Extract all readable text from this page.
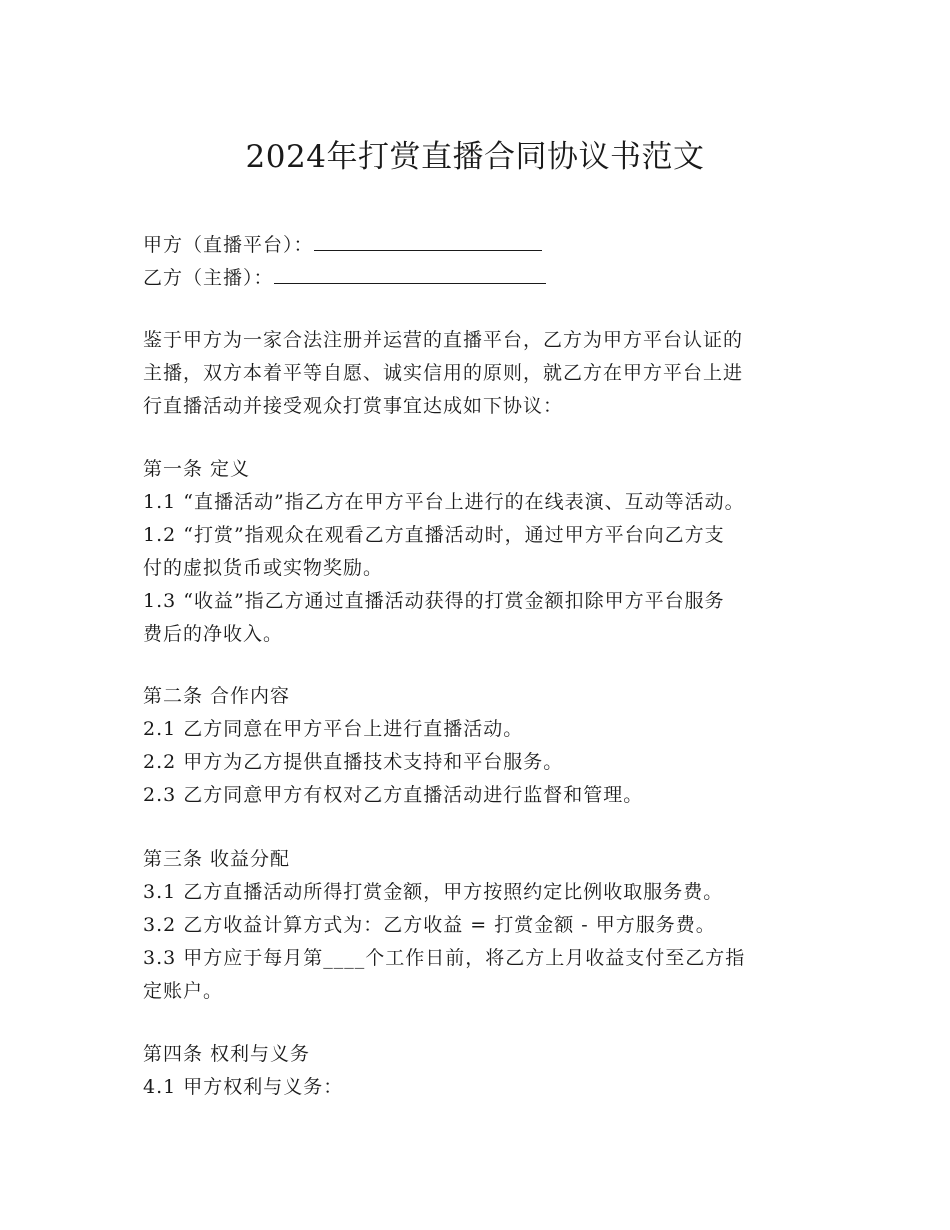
2024年打赏直播合同协议书范文
甲方（直播平台）：
乙方（主播）：
鉴于甲方为一家合法注册并运营的直播平台，乙方为甲方平台认证的
主播，双方本着平等自愿、诚实信用的原则，就乙方在甲方平台上进
行直播活动并接受观众打赏事宜达成如下协议：
第一条 定义
1.1 “直播活动”指乙方在甲方平台上进行的在线表演、互动等活动。
1.2 “打赏”指观众在观看乙方直播活动时，通过甲方平台向乙方支
付的虚拟货币或实物奖励。
1.3 “收益”指乙方通过直播活动获得的打赏金额扣除甲方平台服务
费后的净收入。
第二条 合作内容
2.1 乙方同意在甲方平台上进行直播活动。
2.2 甲方为乙方提供直播技术支持和平台服务。
2.3 乙方同意甲方有权对乙方直播活动进行监督和管理。
第三条 收益分配
3.1 乙方直播活动所得打赏金额，甲方按照约定比例收取服务费。
3.2 乙方收益计算方式为：乙方收益 = 打赏金额 - 甲方服务费。
3.3 甲方应于每月第____个工作日前，将乙方上月收益支付至乙方指
定账户。
第四条 权利与义务
4.1 甲方权利与义务：
